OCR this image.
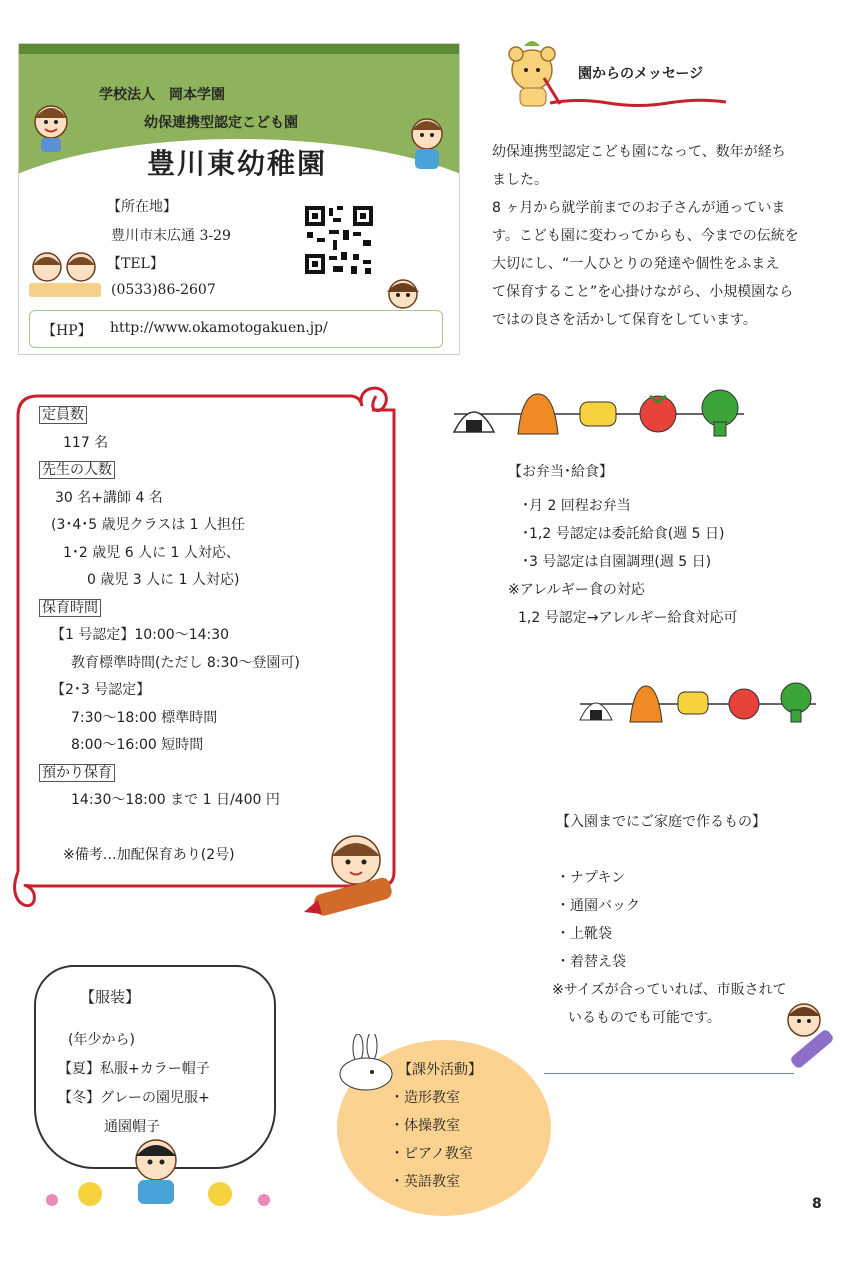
学校法人　岡本学園
幼保連携型認定こども園
豊川東幼稚園
【所在地】
豊川市末広通 3-29
【TEL】
(0533)86-2607
【HP】 http://www.okamotogakuen.jp/
園からのメッセージ
幼保連携型認定こども園になって、数年が経ち
ました。
8 ヶ月から就学前までのお子さんが通っていま
す。こども園に変わってからも、今までの伝統を
大切にし、“一人ひとりの発達や個性をふまえ
て保育すること”を心掛けながら、小規模園なら
ではの良さを活かして保育をしています。
定員数
117 名
先生の人数
30 名+講師 4 名
(3･4･5 歳児クラスは 1 人担任
1･2 歳児 6 人に 1 人対応、
0 歳児 3 人に 1 人対応)
保育時間
【1 号認定】10:00～14:30
教育標準時間(ただし 8:30～登園可)
【2･3 号認定】
7:30～18:00 標準時間
8:00～16:00 短時間
預かり保育
14:30～18:00 まで 1 日/400 円
※備考…加配保育あり(2号)
【お弁当･給食】
･月 2 回程お弁当
･1,2 号認定は委託給食(週 5 日)
･3 号認定は自園調理(週 5 日)
※アレルギー食の対応
1,2 号認定→アレルギー給食対応可
【入園までにご家庭で作るもの】
・ナプキン
・通園バック
・上靴袋
・着替え袋
※サイズが合っていれば、市販されて
いるものでも可能です。
【服装】
(年少から)
【夏】私服+カラー帽子
【冬】グレーの園児服+
通園帽子
【課外活動】
・造形教室
・体操教室
・ピアノ教室
・英語教室
8
